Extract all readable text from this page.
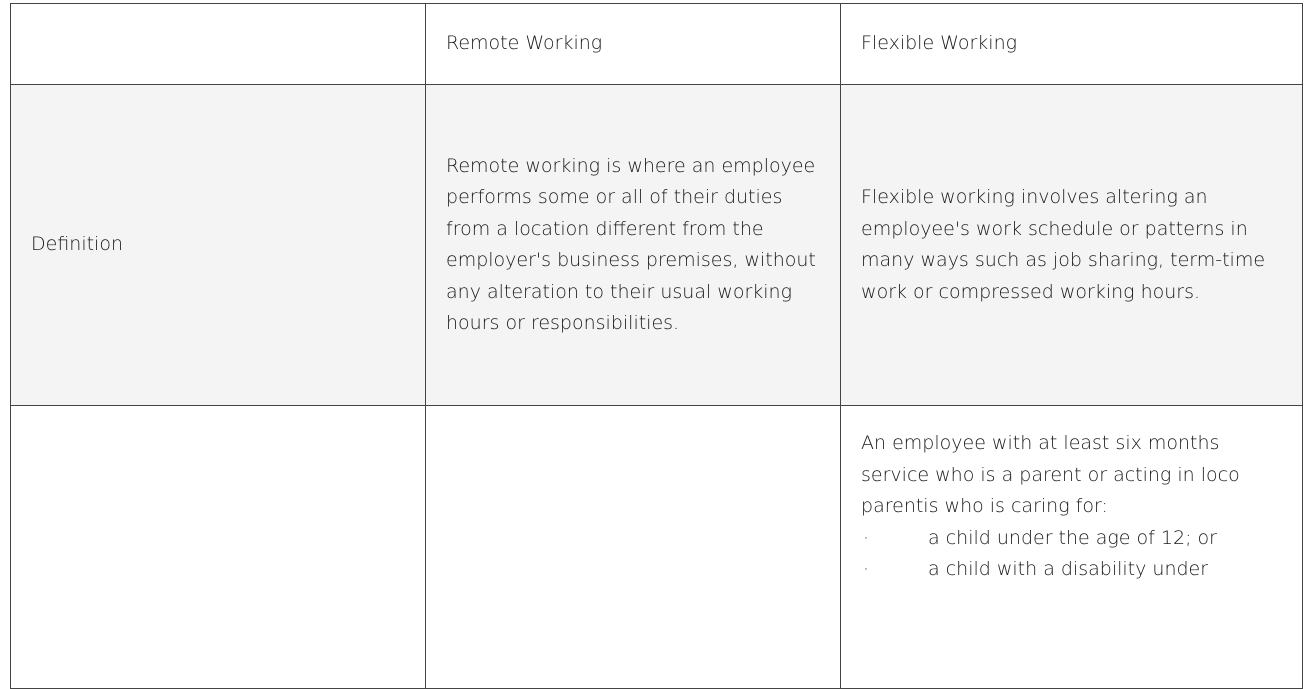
	Remote Working	Flexible Working
Definition	Remote working is where an employee performs some or all of their duties from a location different from the employer's business premises, without any alteration to their usual working hours or responsibilities.	Flexible working involves altering an employee's work schedule or patterns in many ways such as job sharing, term-time work or compressed working hours.

		An employee with at least six months service who is a parent or acting in loco parentis who is caring for:
· a child under the age of 12; or
· a child with a disability under
